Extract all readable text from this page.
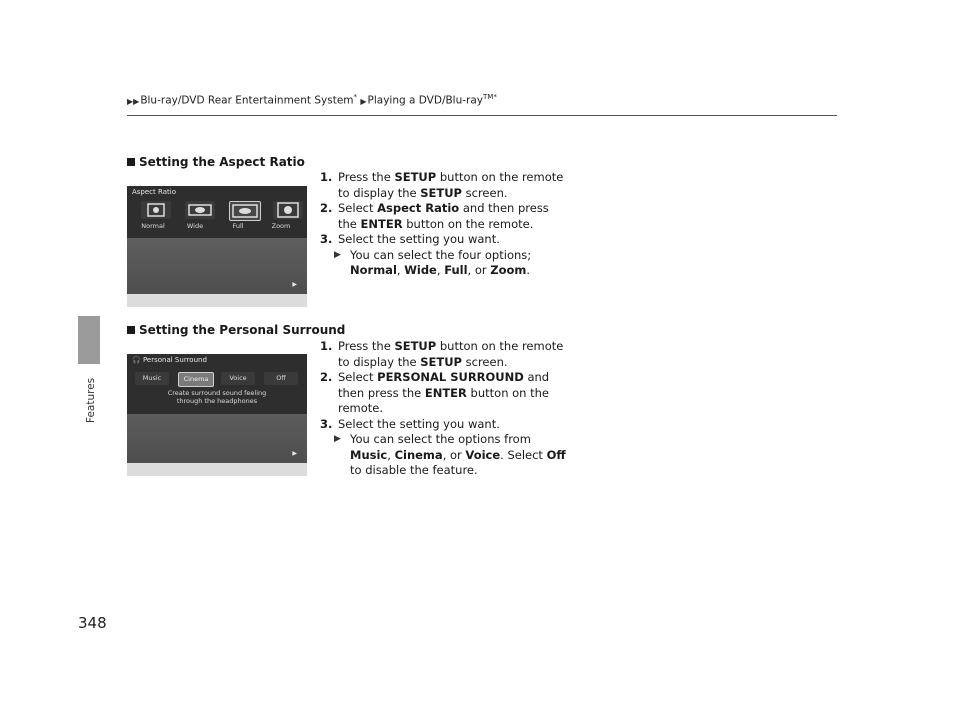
▶▶Blu-ray/DVD Rear Entertainment System* ▶Playing a DVD/Blu-ray$^{TM*}$
Features
Setting the Aspect Ratio
Aspect Ratio
Normal	Wide	Full	Zoom
▶
1. Press the SETUP button on the remote to display the SETUP screen.
2. Select Aspect Ratio and then press the ENTER button on the remote.
3. Select the setting you want.
▶ You can select the four options; Normal, Wide, Full, or Zoom.
Setting the Personal Surround
🎧 Personal Surround
Music	Cinema	Voice	Off
Create surround sound feeling
through the headphones
▶
1. Press the SETUP button on the remote to display the SETUP screen.
2. Select PERSONAL SURROUND and then press the ENTER button on the remote.
3. Select the setting you want.
▶ You can select the options from Music, Cinema, or Voice. Select Off to disable the feature.
348
